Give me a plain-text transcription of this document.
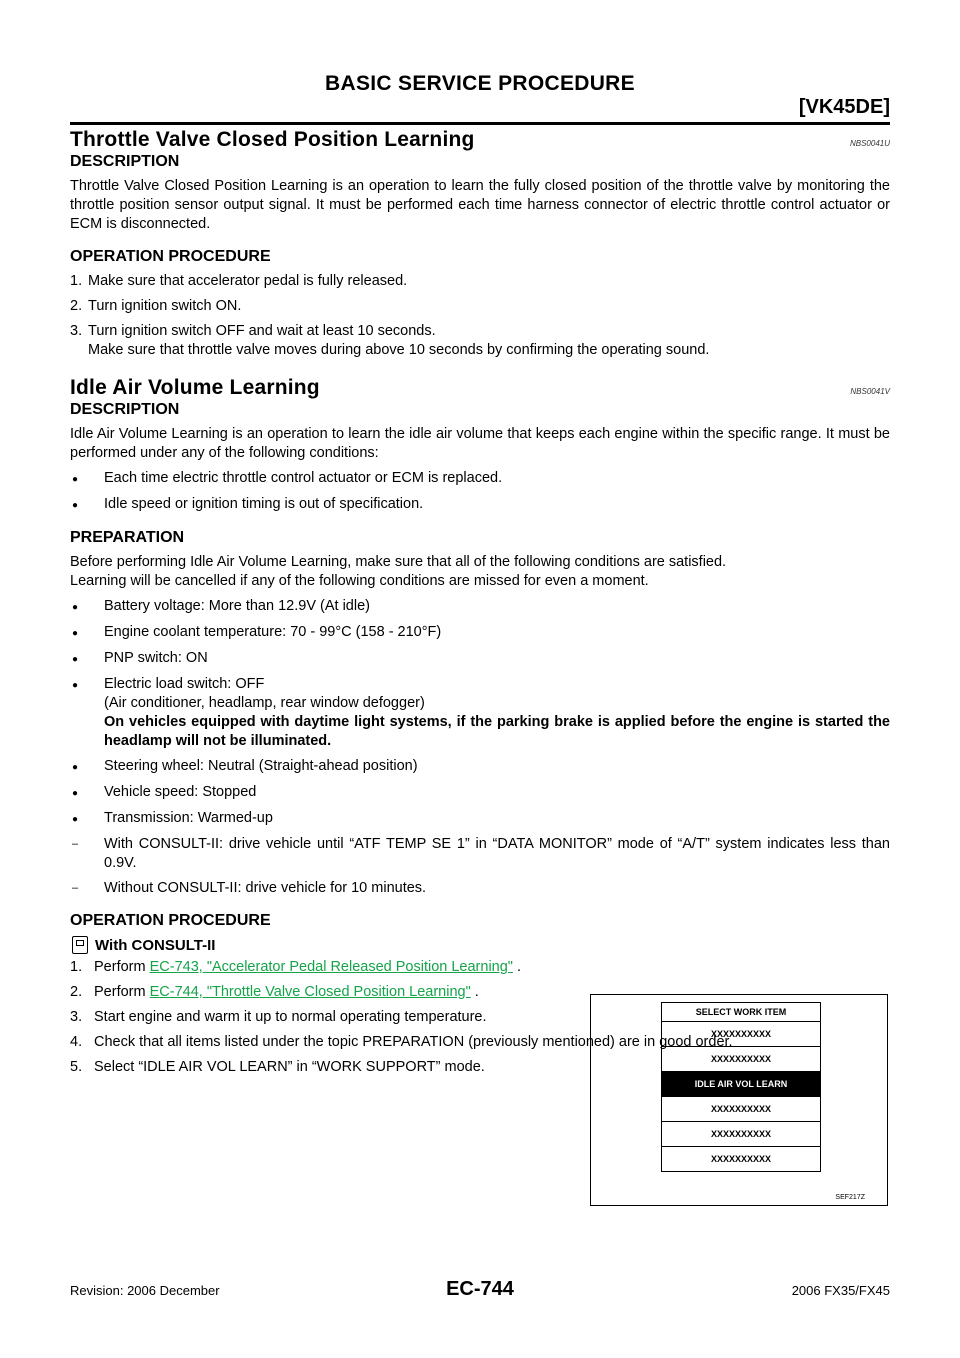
BASIC SERVICE PROCEDURE
[VK45DE]
Throttle Valve Closed Position Learning	NBS0041U
DESCRIPTION

Throttle Valve Closed Position Learning is an operation to learn the fully closed position of the throttle valve by monitoring the throttle position sensor output signal. It must be performed each time harness connector of electric throttle control actuator or ECM is disconnected.

OPERATION PROCEDURE
1. Make sure that accelerator pedal is fully released.
2. Turn ignition switch ON.
3. Turn ignition switch OFF and wait at least 10 seconds.
Make sure that throttle valve moves during above 10 seconds by confirming the operating sound.
Idle Air Volume Learning	NBS0041V
DESCRIPTION

Idle Air Volume Learning is an operation to learn the idle air volume that keeps each engine within the specific range. It must be performed under any of the following conditions:

●	Each time electric throttle control actuator or ECM is replaced.
●	Idle speed or ignition timing is out of specification.
PREPARATION

Before performing Idle Air Volume Learning, make sure that all of the following conditions are satisfied.

Learning will be cancelled if any of the following conditions are missed for even a moment.

●	Battery voltage: More than 12.9V (At idle)
●	Engine coolant temperature: 70 - 99°C (158 - 210°F)
●	PNP switch: ON
●	Electric load switch: OFF
(Air conditioner, headlamp, rear window defogger)
On vehicles equipped with daytime light systems, if the parking brake is applied before the engine is started the headlamp will not be illuminated.
●	Steering wheel: Neutral (Straight-ahead position)
●	Vehicle speed: Stopped
●	Transmission: Warmed-up
–	With CONSULT-II: drive vehicle until “ATF TEMP SE 1” in “DATA MONITOR” mode of “A/T” system indicates less than 0.9V.
–	Without CONSULT-II: drive vehicle for 10 minutes.
OPERATION PROCEDURE
With CONSULT-II
1. Perform EC-743, "Accelerator Pedal Released Position Learning" .
2. Perform EC-744, "Throttle Valve Closed Position Learning" .
3. Start engine and warm it up to normal operating temperature.
4. Check that all items listed under the topic PREPARATION (previously mentioned) are in good order.
5. Select “IDLE AIR VOL LEARN” in “WORK SUPPORT” mode.
SELECT WORK ITEM
XXXXXXXXXX
XXXXXXXXXX
IDLE AIR VOL LEARN
XXXXXXXXXX
XXXXXXXXXX
XXXXXXXXXX
SEF217Z
Revision: 2006 December	EC-744	2006 FX35/FX45
